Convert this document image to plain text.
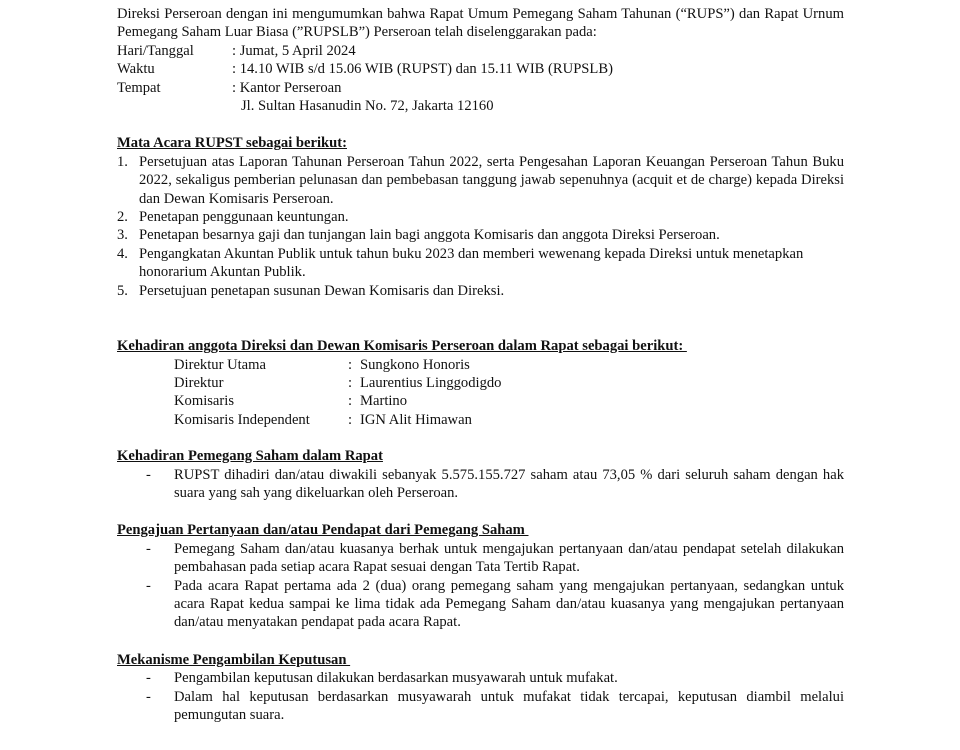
Direksi Perseroan dengan ini mengumumkan bahwa Rapat Umum Pemegang Saham Tahunan (“RUPS”) dan Rapat Urnum Pemegang Saham Luar Biasa (”RUPSLB”) Perseroan telah diselenggarakan pada:

Hari/Tanggal	: Jumat, 5 April 2024
Waktu	: 14.10 WIB s/d 15.06 WIB (RUPST) dan 15.11 WIB (RUPSLB)
Tempat	: Kantor Perseroan

Jl. Sultan Hasanudin No. 72, Jakarta 12160

Mata Acara RUPST sebagai berikut:

1. Persetujuan atas Laporan Tahunan Perseroan Tahun 2022, serta Pengesahan Laporan Keuangan Perseroan Tahun Buku 2022, sekaligus pemberian pelunasan dan pembebasan tanggung jawab sepenuhnya (acquit et de charge) kepada Direksi dan Dewan Komisaris Perseroan.
2. Penetapan penggunaan keuntungan.
3. Penetapan besarnya gaji dan tunjangan lain bagi anggota Komisaris dan anggota Direksi Perseroan.
4. Pengangkatan Akuntan Publik untuk tahun buku 2023 dan memberi wewenang kepada Direksi untuk menetapkan honorarium Akuntan Publik.
5. Persetujuan penetapan susunan Dewan Komisaris dan Direksi.

Kehadiran anggota Direksi dan Dewan Komisaris Perseroan dalam Rapat sebagai berikut:

Direktur Utama	: Sungkono Honoris
Direktur	: Laurentius Linggodigdo
Komisaris	: Martino
Komisaris Independent	: IGN Alit Himawan

Kehadiran Pemegang Saham dalam Rapat

-	RUPST dihadiri dan/atau diwakili sebanyak 5.575.155.727 saham atau 73,05 % dari seluruh saham dengan hak suara yang sah yang dikeluarkan oleh Perseroan.

Pengajuan Pertanyaan dan/atau Pendapat dari Pemegang Saham

-	Pemegang Saham dan/atau kuasanya berhak untuk mengajukan pertanyaan dan/atau pendapat setelah dilakukan pembahasan pada setiap acara Rapat sesuai dengan Tata Tertib Rapat.
-	Pada acara Rapat pertama ada 2 (dua) orang pemegang saham yang mengajukan pertanyaan, sedangkan untuk acara Rapat kedua sampai ke lima tidak ada Pemegang Saham dan/atau kuasanya yang mengajukan pertanyaan dan/atau menyatakan pendapat pada acara Rapat.

Mekanisme Pengambilan Keputusan

-	Pengambilan keputusan dilakukan berdasarkan musyawarah untuk mufakat.
-	Dalam hal keputusan berdasarkan musyawarah untuk mufakat tidak tercapai, keputusan diambil melalui pemungutan suara.
